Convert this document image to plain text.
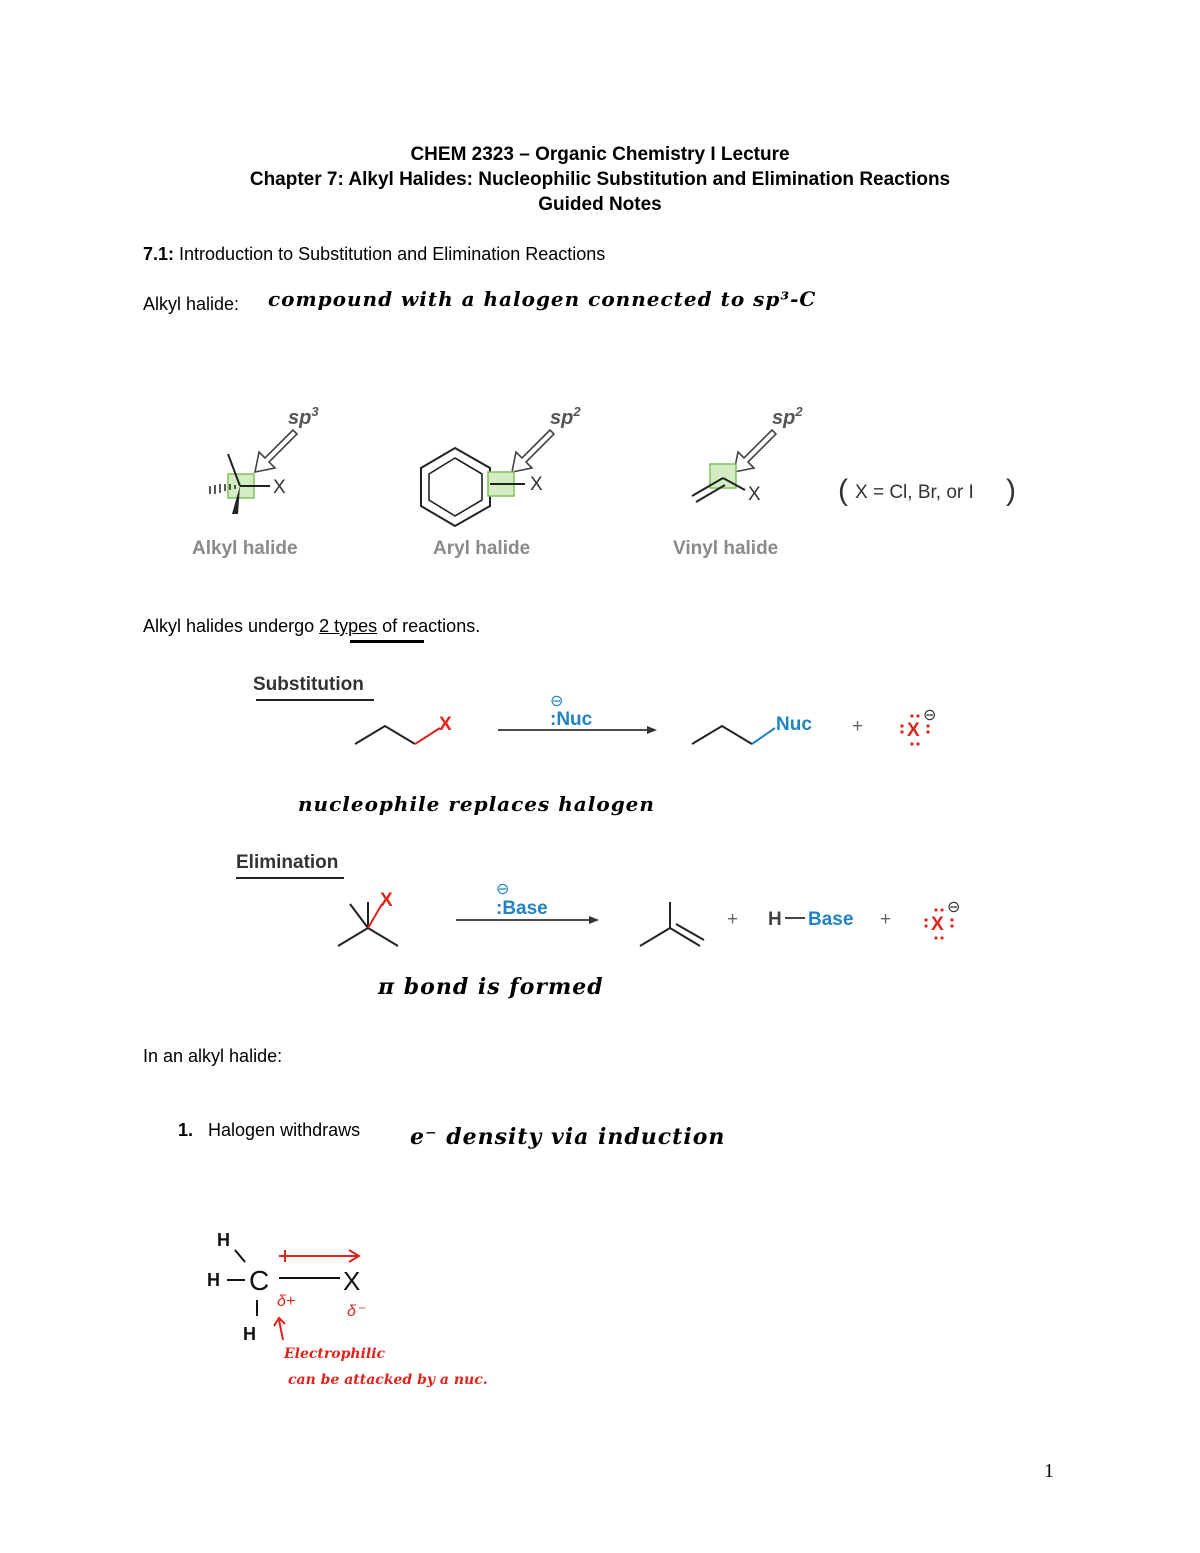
CHEM 2323 – Organic Chemistry I Lecture
Chapter 7: Alkyl Halides: Nucleophilic Substitution and Elimination Reactions
Guided Notes
7.1: Introduction to Substitution and Elimination Reactions
Alkyl halide: compound with a halogen connected to sp³-C
$sp^3$
X
Alkyl halide
$sp^2$
X
Aryl halide
$sp^2$
X
Vinyl halide
( X = Cl, Br, or I )
Alkyl halides undergo 2 types of reactions.
Substitution
X
⊖
:Nuc	Nuc + X
⊖
nucleophile replaces halogen
Elimination
X
⊖
:Base
+ H Base + X
⊖
π bond is formed
In an alkyl halide:
1. Halogen withdraws e⁻ density via induction
H
H C	X
H
δ+
δ⁻
Electrophilic
can be attacked by a nuc.
1
